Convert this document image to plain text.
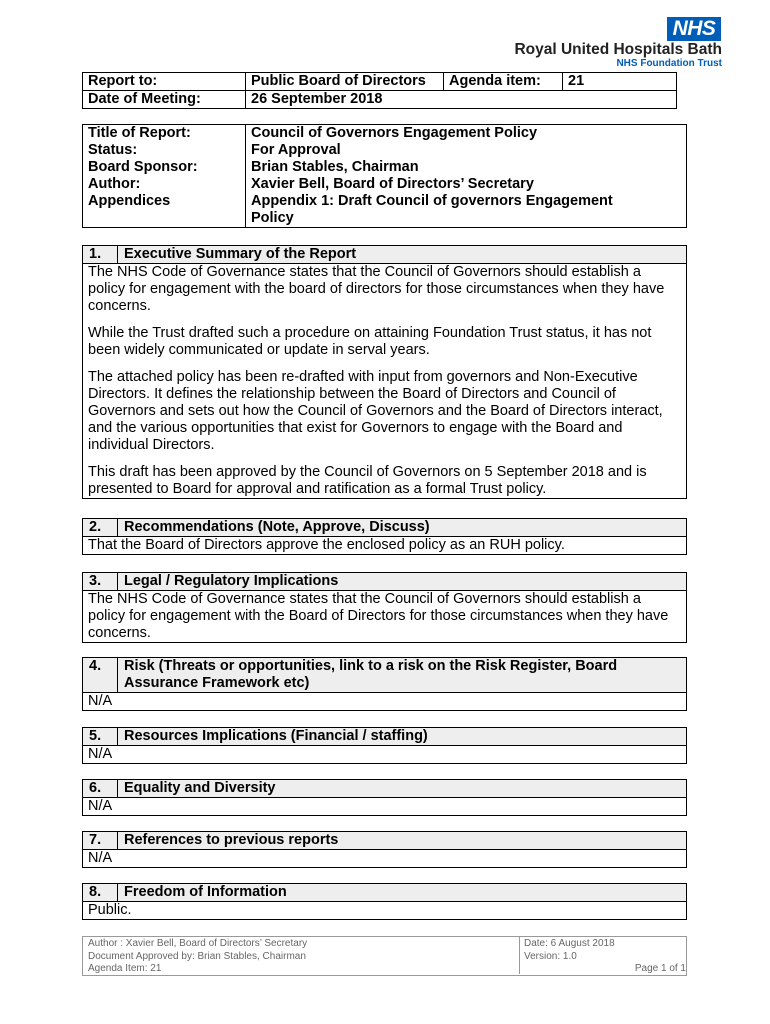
NHS
Royal United Hospitals Bath
NHS Foundation Trust
Report to:	Public Board of Directors	Agenda item:	21
Date of Meeting:	26 September 2018		
Title of Report:	Council of Governors Engagement Policy
Status:	For Approval
Board Sponsor:	Brian Stables, Chairman
Author:	Xavier Bell, Board of Directors’ Secretary
Appendices	Appendix 1: Draft Council of governors Engagement Policy
1.	Executive Summary of the Report

The NHS Code of Governance states that the Council of Governors should establish a policy for engagement with the board of directors for those circumstances when they have concerns.

While the Trust drafted such a procedure on attaining Foundation Trust status, it has not been widely communicated or update in serval years.

The attached policy has been re-drafted with input from governors and Non-Executive Directors. It defines the relationship between the Board of Directors and Council of Governors and sets out how the Council of Governors and the Board of Directors interact, and the various opportunities that exist for Governors to engage with the Board and individual Directors.

This draft has been approved by the Council of Governors on 5 September 2018 and is presented to Board for approval and ratification as a formal Trust policy.

2.	Recommendations (Note, Approve, Discuss)

That the Board of Directors approve the enclosed policy as an RUH policy.

3.	Legal / Regulatory Implications

The NHS Code of Governance states that the Council of Governors should establish a policy for engagement with the Board of Directors for those circumstances when they have concerns.

4.	Risk (Threats or opportunities, link to a risk on the Risk Register, Board Assurance Framework etc)

N/A

5.	Resources Implications (Financial / staffing)

N/A

6.	Equality and Diversity

N/A

7.	References to previous reports

N/A

8.	Freedom of Information

Public.

Author : Xavier Bell, Board of Directors’ Secretary
Document Approved by: Brian Stables, Chairman
Agenda Item: 21
Date: 6 August 2018
Version: 1.0
Page 1 of 1
